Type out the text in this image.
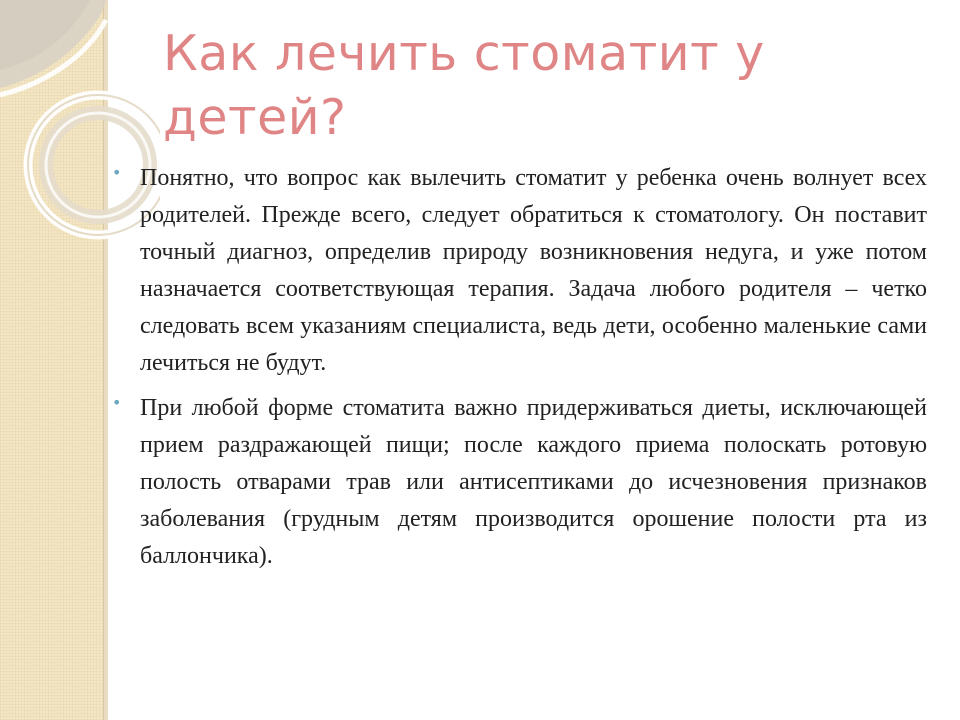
Как лечить стоматит у детей?
• Понятно, что вопрос как вылечить стоматит у ребенка очень волнует всех родителей. Прежде всего, следует обратиться к стоматологу. Он поставит точный диагноз, определив природу возникновения недуга, и уже потом назначается соответствующая терапия. Задача любого родителя – четко следовать всем указаниям специалиста, ведь дети, особенно маленькие сами лечиться не будут.
• При любой форме стоматита важно придерживаться диеты, исключающей прием раздражающей пищи; после каждого приема полоскать ротовую полость отварами трав или антисептиками до исчезновения признаков заболевания (грудным детям производится орошение полости рта из баллончика).
